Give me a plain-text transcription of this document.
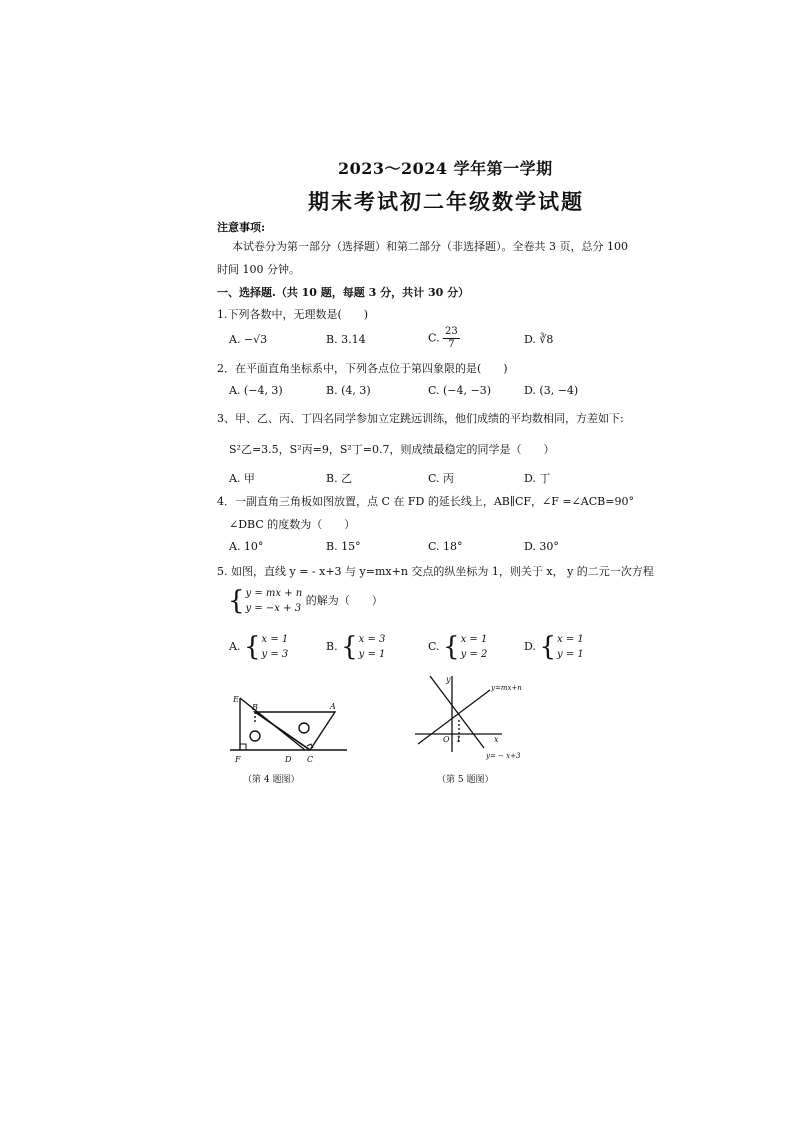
2023～2024 学年第一学期
期末考试初二年级数学试题
注意事项:
本试卷分为第一部分（选择题）和第二部分（非选择题）。全卷共 3 页，总分 100
时间 100 分钟。
一、选择题.（共 10 题，每题 3 分，共计 30 分）
1.下列各数中，无理数是(　　)
A. −√3	B. 3.14	C. $\frac{23}{7}$	D. ∛8
2．在平面直角坐标系中，下列各点位于第四象限的是(　　)
A. (−4, 3)	B. (4, 3)	C. (−4, −3)	D. (3, −4)
3、甲、乙、丙、丁四名同学参加立定跳远训练，他们成绩的平均数相同，方差如下:
S²乙=3.5，S²丙=9，S²丁=0.7，则成绩最稳定的同学是（　　）
A. 甲	B. 乙	C. 丙	D. 丁
4．一副直角三角板如图放置，点 C 在 FD 的延长线上，AB∥CF，∠F =∠ACB=90°
∠DBC 的度数为（　　）
A. 10°	B. 15°	C. 18°	D. 30°
5. 如图，直线 y = - x+3 与 y=mx+n 交点的纵坐标为 1，则关于 x， y 的二元一次方程
{y = mx + n
y = −x + 3 的解为（　　）
A. {x = 1
y = 3
B. {x = 3
y = 1
C. {x = 1
y = 2
D. {x = 1
y = 1
E
B	A
F	D C
（第 4 题图）
y
y=mx+n
O 1	x
y= − x+3
（第 5 题图）
